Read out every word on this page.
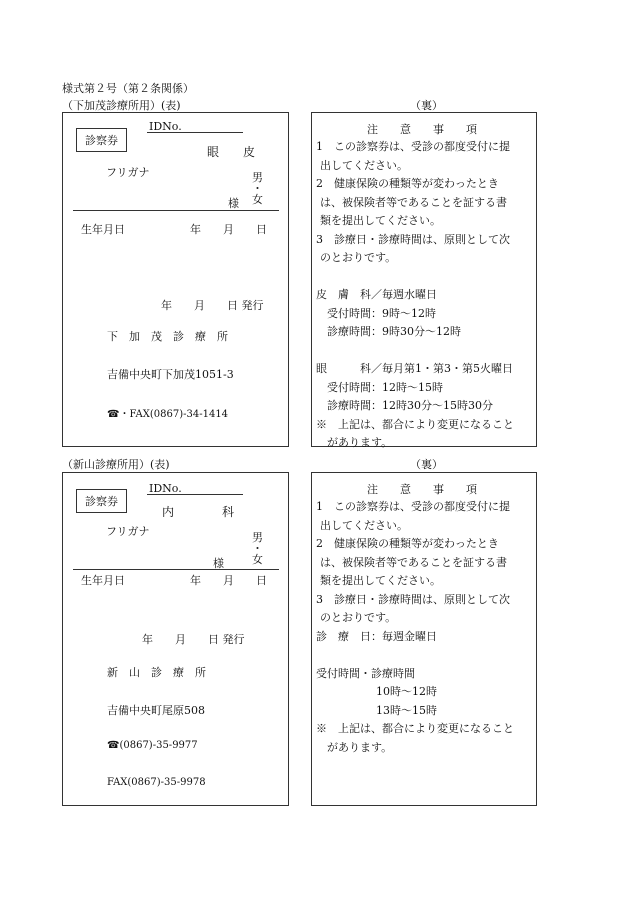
様式第２号（第２条関係）
（下加茂診療所用）(表)	（裏）
診察券
IDNo.
眼　　皮
フリガナ	男
・
女
様
生年月日	年　　月　　日
年　　月　　日 発行
下　加　茂　診　療　所
吉備中央町下加茂1051-3
☎・FAX(0867)-34-1414
注　　意　　事　　項

1　この診察券は、受診の都度受付に提

出してください。

2　健康保険の種類等が変わったとき

は、被保険者等であることを証する書

類を提出してください。

3　診療日・診療時間は、原則として次

のとおりです。

皮　膚　科／毎週水曜日

受付時間：9時～12時

診療時間：9時30分～12時

眼　　　科／毎月第1・第3・第5火曜日

受付時間：12時～15時

診療時間：12時30分～15時30分

※　上記は、都合により変更になること

があります。

（新山診療所用）(表)	（裏）
診察券
IDNo.
内　　　　科
フリガナ	男
・
女
様
生年月日	年　　月　　日
年　　月　　日 発行
新　山　診　療　所
吉備中央町尾原508
☎(0867)-35-9977
FAX(0867)-35-9978
注　　意　　事　　項

1　この診察券は、受診の都度受付に提

出してください。

2　健康保険の種類等が変わったとき

は、被保険者等であることを証する書

類を提出してください。

3　診療日・診療時間は、原則として次

のとおりです。

診　療　日：毎週金曜日

受付時間・診療時間

10時～12時

13時～15時

※　上記は、都合により変更になること

があります。
